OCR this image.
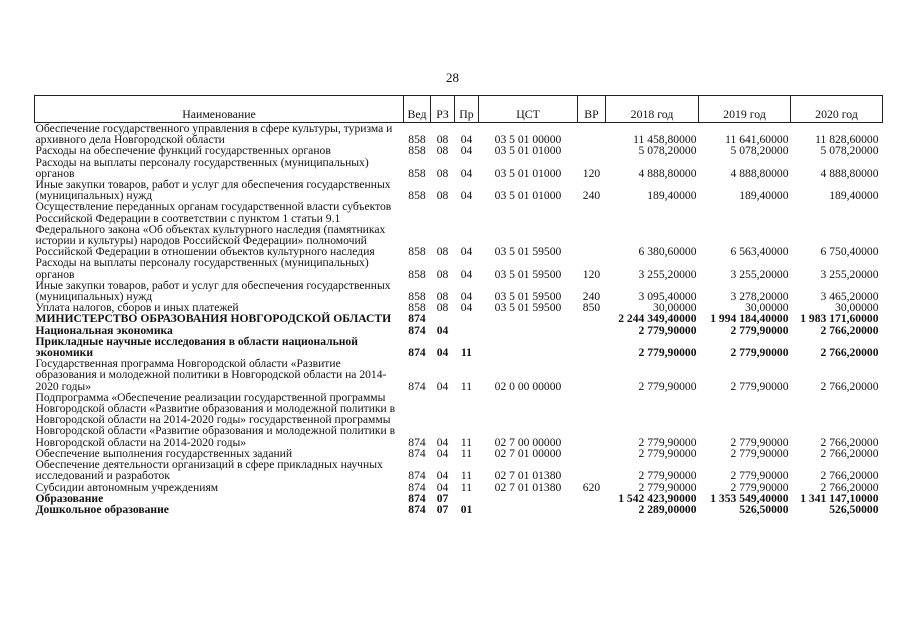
28
Наименование	Вед	РЗ	Пр	ЦСТ	ВР	2018 год	2019 год	2020 год
Обеспечение государственного управления в сфере культуры, туризма и архивного дела Новгородской области	858	08	04	03 5 01 00000		11 458,80000	11 641,60000	11 828,60000
Расходы на обеспечение функций государственных органов	858	08	04	03 5 01 01000		5 078,20000	5 078,20000	5 078,20000
Расходы на выплаты персоналу государственных (муниципальных) органов	858	08	04	03 5 01 01000	120	4 888,80000	4 888,80000	4 888,80000
Иные закупки товаров, работ и услуг для обеспечения государственных (муниципальных) нужд	858	08	04	03 5 01 01000	240	189,40000	189,40000	189,40000
Осуществление переданных органам государственной власти субъектов Российской Федерации в соответствии с пунктом 1 статьи 9.1 Федерального закона «Об объектах культурного наследия (памятниках истории и культуры) народов Российской Федерации» полномочий Российской Федерации в отношении объектов культурного наследия	858	08	04	03 5 01 59500		6 380,60000	6 563,40000	6 750,40000
Расходы на выплаты персоналу государственных (муниципальных) органов	858	08	04	03 5 01 59500	120	3 255,20000	3 255,20000	3 255,20000
Иные закупки товаров, работ и услуг для обеспечения государственных (муниципальных) нужд	858	08	04	03 5 01 59500	240	3 095,40000	3 278,20000	3 465,20000
Уплата налогов, сборов и иных платежей	858	08	04	03 5 01 59500	850	30,00000	30,00000	30,00000
МИНИСТЕРСТВО ОБРАЗОВАНИЯ НОВГОРОДСКОЙ ОБЛАСТИ	874					2 244 349,40000	1 994 184,40000	1 983 171,60000
Национальная экономика	874	04				2 779,90000	2 779,90000	2 766,20000
Прикладные научные исследования в области национальной экономики	874	04	11			2 779,90000	2 779,90000	2 766,20000
Государственная программа Новгородской области «Развитие образования и молодежной политики в Новгородской области на 2014-2020 годы»	874	04	11	02 0 00 00000		2 779,90000	2 779,90000	2 766,20000
Подпрограмма «Обеспечение реализации государственной программы Новгородской области «Развитие образования и молодежной политики в Новгородской области на 2014-2020 годы» государственной программы Новгородской области «Развитие образования и молодежной политики в Новгородской области на 2014-2020 годы»	874	04	11	02 7 00 00000		2 779,90000	2 779,90000	2 766,20000
Обеспечение выполнения государственных заданий	874	04	11	02 7 01 00000		2 779,90000	2 779,90000	2 766,20000
Обеспечение деятельности организаций в сфере прикладных научных исследований и разработок	874	04	11	02 7 01 01380		2 779,90000	2 779,90000	2 766,20000
Субсидии автономным учреждениям	874	04	11	02 7 01 01380	620	2 779,90000	2 779,90000	2 766,20000
Образование	874	07				1 542 423,90000	1 353 549,40000	1 341 147,10000
Дошкольное образование	874	07	01			2 289,00000	526,50000	526,50000
